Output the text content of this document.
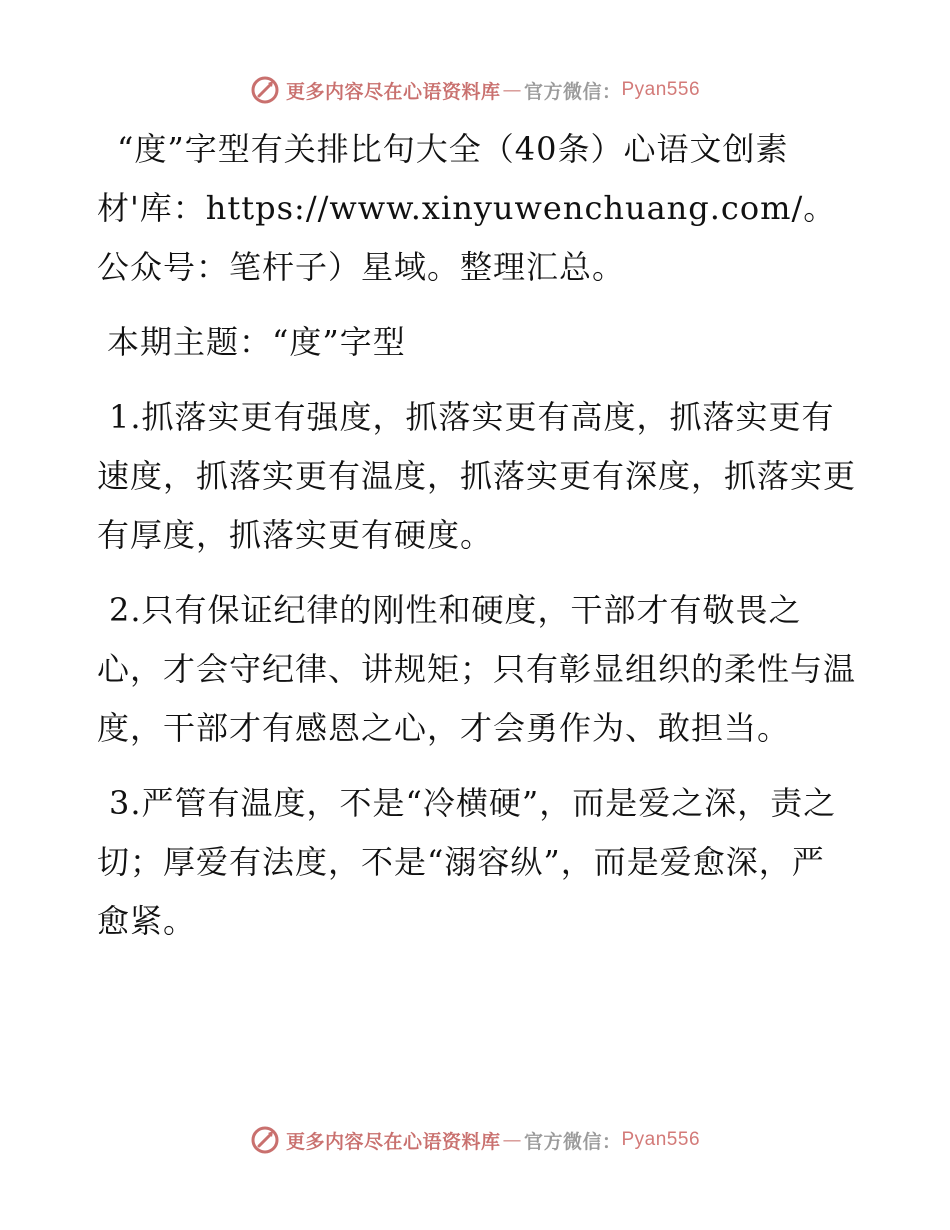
更多内容尽在心语资料库 — 官方微信： Pyan556

“度”字型有关排比句大全（40条）心语文创素材'库：https://www.xinyuwenchuang.com/。公众号：笔杆子）星域。整理汇总。

本期主题：“度”字型

1.抓落实更有强度，抓落实更有高度，抓落实更有速度，抓落实更有温度，抓落实更有深度，抓落实更有厚度，抓落实更有硬度。

2.只有保证纪律的刚性和硬度，干部才有敬畏之心，才会守纪律、讲规矩；只有彰显组织的柔性与温度，干部才有感恩之心，才会勇作为、敢担当。

3.严管有温度，不是“冷横硬”，而是爱之深，责之切；厚爱有法度，不是“溺容纵”，而是爱愈深，严愈紧。

更多内容尽在心语资料库 — 官方微信： Pyan556
